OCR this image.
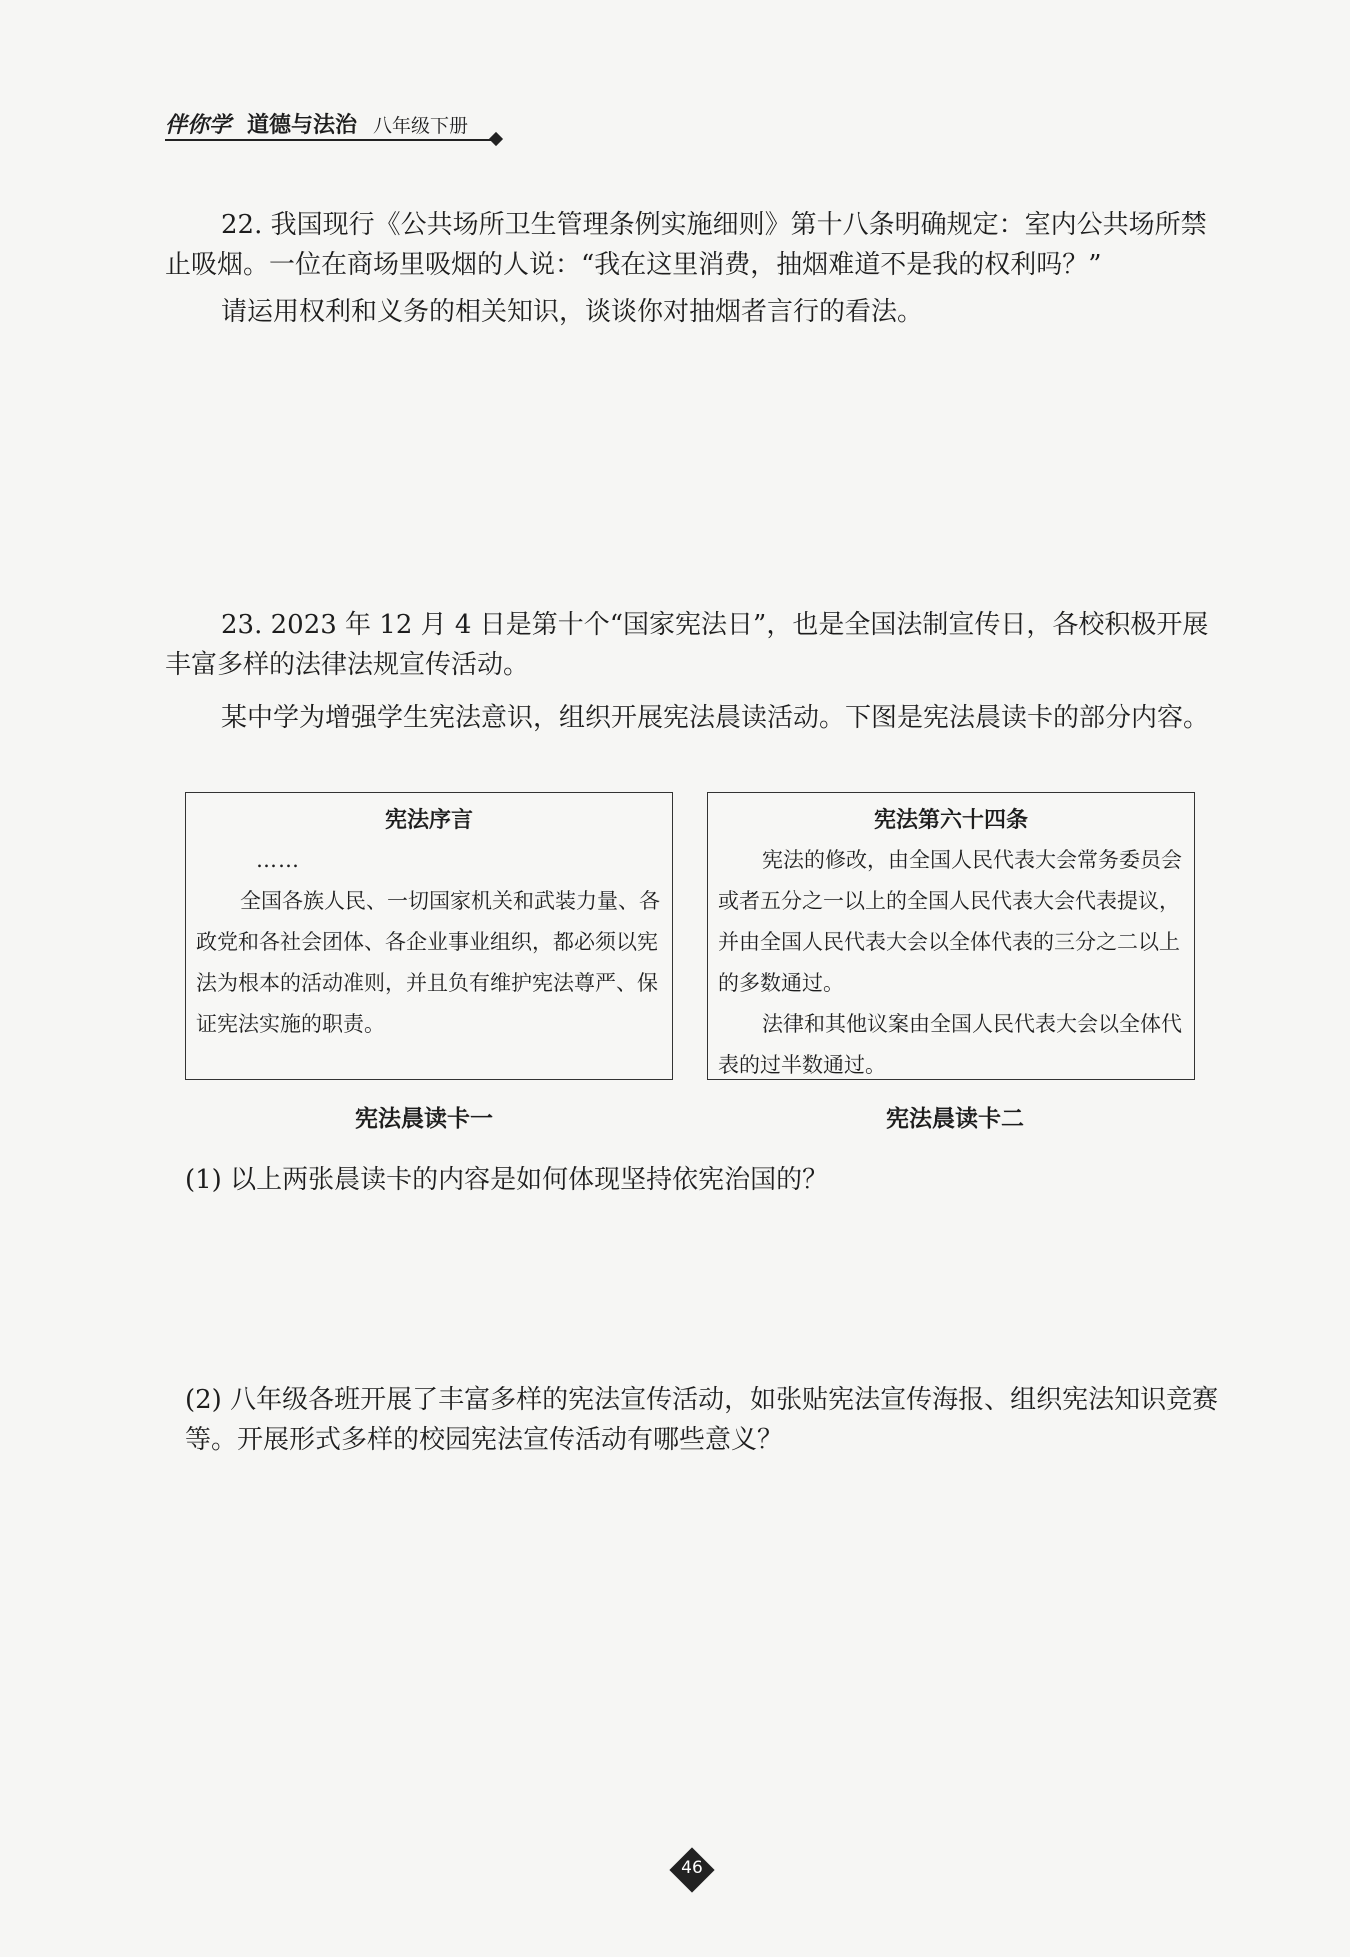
伴你学 道德与法治 八年级下册

22. 我国现行《公共场所卫生管理条例实施细则》第十八条明确规定：室内公共场所禁止吸烟。一位在商场里吸烟的人说：“我在这里消费，抽烟难道不是我的权利吗？”

请运用权利和义务的相关知识，谈谈你对抽烟者言行的看法。

23. 2023 年 12 月 4 日是第十个“国家宪法日”，也是全国法制宣传日，各校积极开展丰富多样的法律法规宣传活动。

某中学为增强学生宪法意识，组织开展宪法晨读活动。下图是宪法晨读卡的部分内容。

宪法序言
……

全国各族人民、一切国家机关和武装力量、各政党和各社会团体、各企业事业组织，都必须以宪法为根本的活动准则，并且负有维护宪法尊严、保证宪法实施的职责。

宪法第六十四条

宪法的修改，由全国人民代表大会常务委员会或者五分之一以上的全国人民代表大会代表提议，并由全国人民代表大会以全体代表的三分之二以上的多数通过。

法律和其他议案由全国人民代表大会以全体代表的过半数通过。

宪法晨读卡一	宪法晨读卡二

(1) 以上两张晨读卡的内容是如何体现坚持依宪治国的？

(2) 八年级各班开展了丰富多样的宪法宣传活动，如张贴宪法宣传海报、组织宪法知识竞赛等。开展形式多样的校园宪法宣传活动有哪些意义？

46
